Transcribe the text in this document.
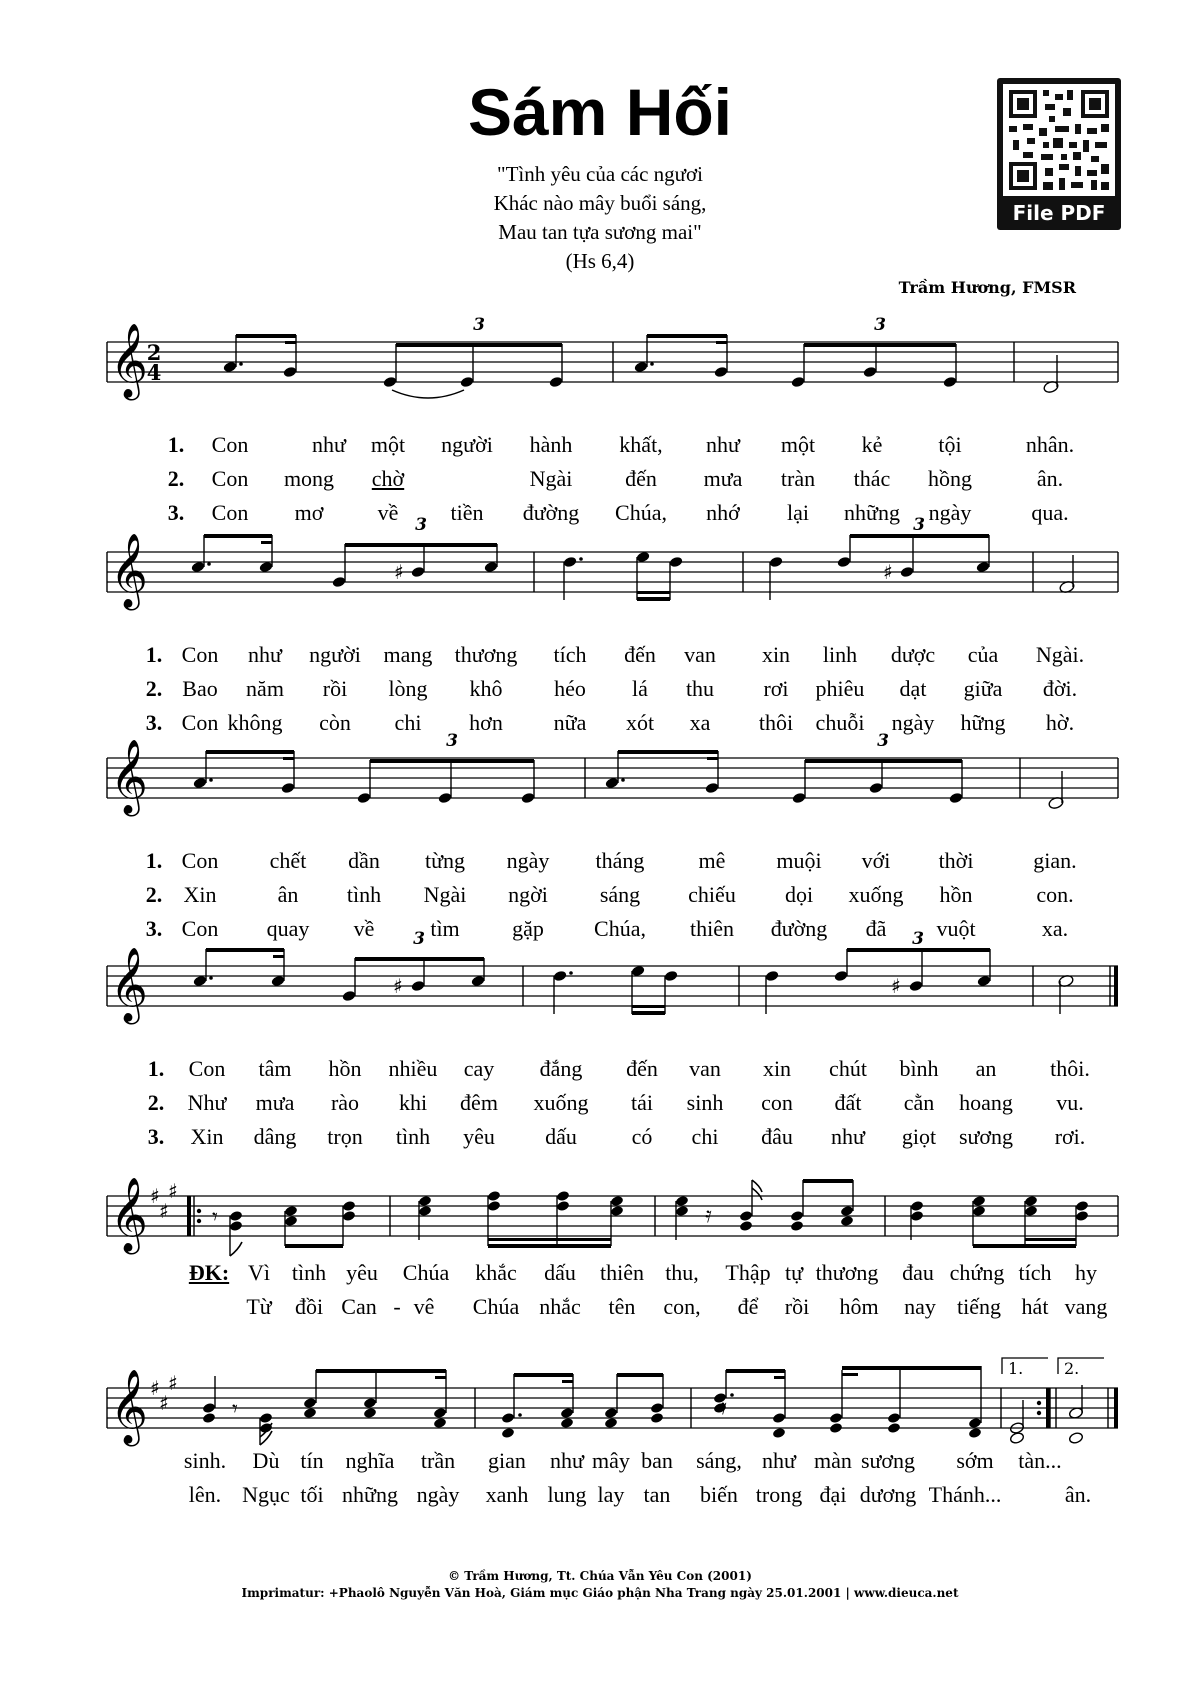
Sám Hối
"Tình yêu của các ngươi
Khác nào mây buổi sáng,
Mau tan tựa sương mai"
(Hs 6,4)
Trầm Hương, FMSR
File PDF
𝄞
2
4
3	3
1. Con	như một người hành khất, như một kẻ	tội	nhân.
2. Con mong chờ	Ngài đến mưa tràn thác hồng	ân.
3. Con mơ về tiền đường Chúa, nhớ lại những ngày	qua.
𝄞	♯	♯
3	3
1. Con như người mang thương tích đến van xin linh dược của Ngài.
2. Bao năm rồi lòng khô héo lá thu rơi phiêu dạt giữa đời.
3. Con không còn chi hơn nữa xót xa thôi chuỗi ngày hững hờ.
𝄞	3	3
1. Con chết dần từng ngày tháng mê muội với thời	gian.
2. Xin	ân tình Ngài ngời sáng chiếu dọi xuống hồn	con.
3. Con quay về	tìm gặp Chúa, thiên đường đã vuột	xa.
𝄞	♯	♯
3	3
1. Con tâm hồn nhiều cay đắng đến van xin chút bình an thôi.
2. Như mưa rào khi đêm xuống tái sinh con đất cằn hoang vu.
3. Xin dâng trọn tình yêu dấu có chi đâu như giọt sương rơi.
𝄞 ♯
♯
♯
𝄾	𝄿
ĐK: Vì tình yêu Chúa khắc dấu thiên thu, Thập tự thương đau chứng tích hy
Từ đồi Can - vê Chúa nhắc tên con, để rồi hôm nay tiếng hát vang
1.	2.
𝄞 ♯
♯
♯
𝄾	𝄿
sinh. Dù tín nghĩa trần gian như mây ban sáng, như màn sương sớm tàn...
lên. Ngục tối những ngày xanh lung lay tan biến trong đại dương Thánh...	ân.
© Trầm Hương, Tt. Chúa Vẫn Yêu Con (2001)
Imprimatur: +Phaolô Nguyễn Văn Hoà, Giám mục Giáo phận Nha Trang ngày 25.01.2001 | www.dieuca.net
